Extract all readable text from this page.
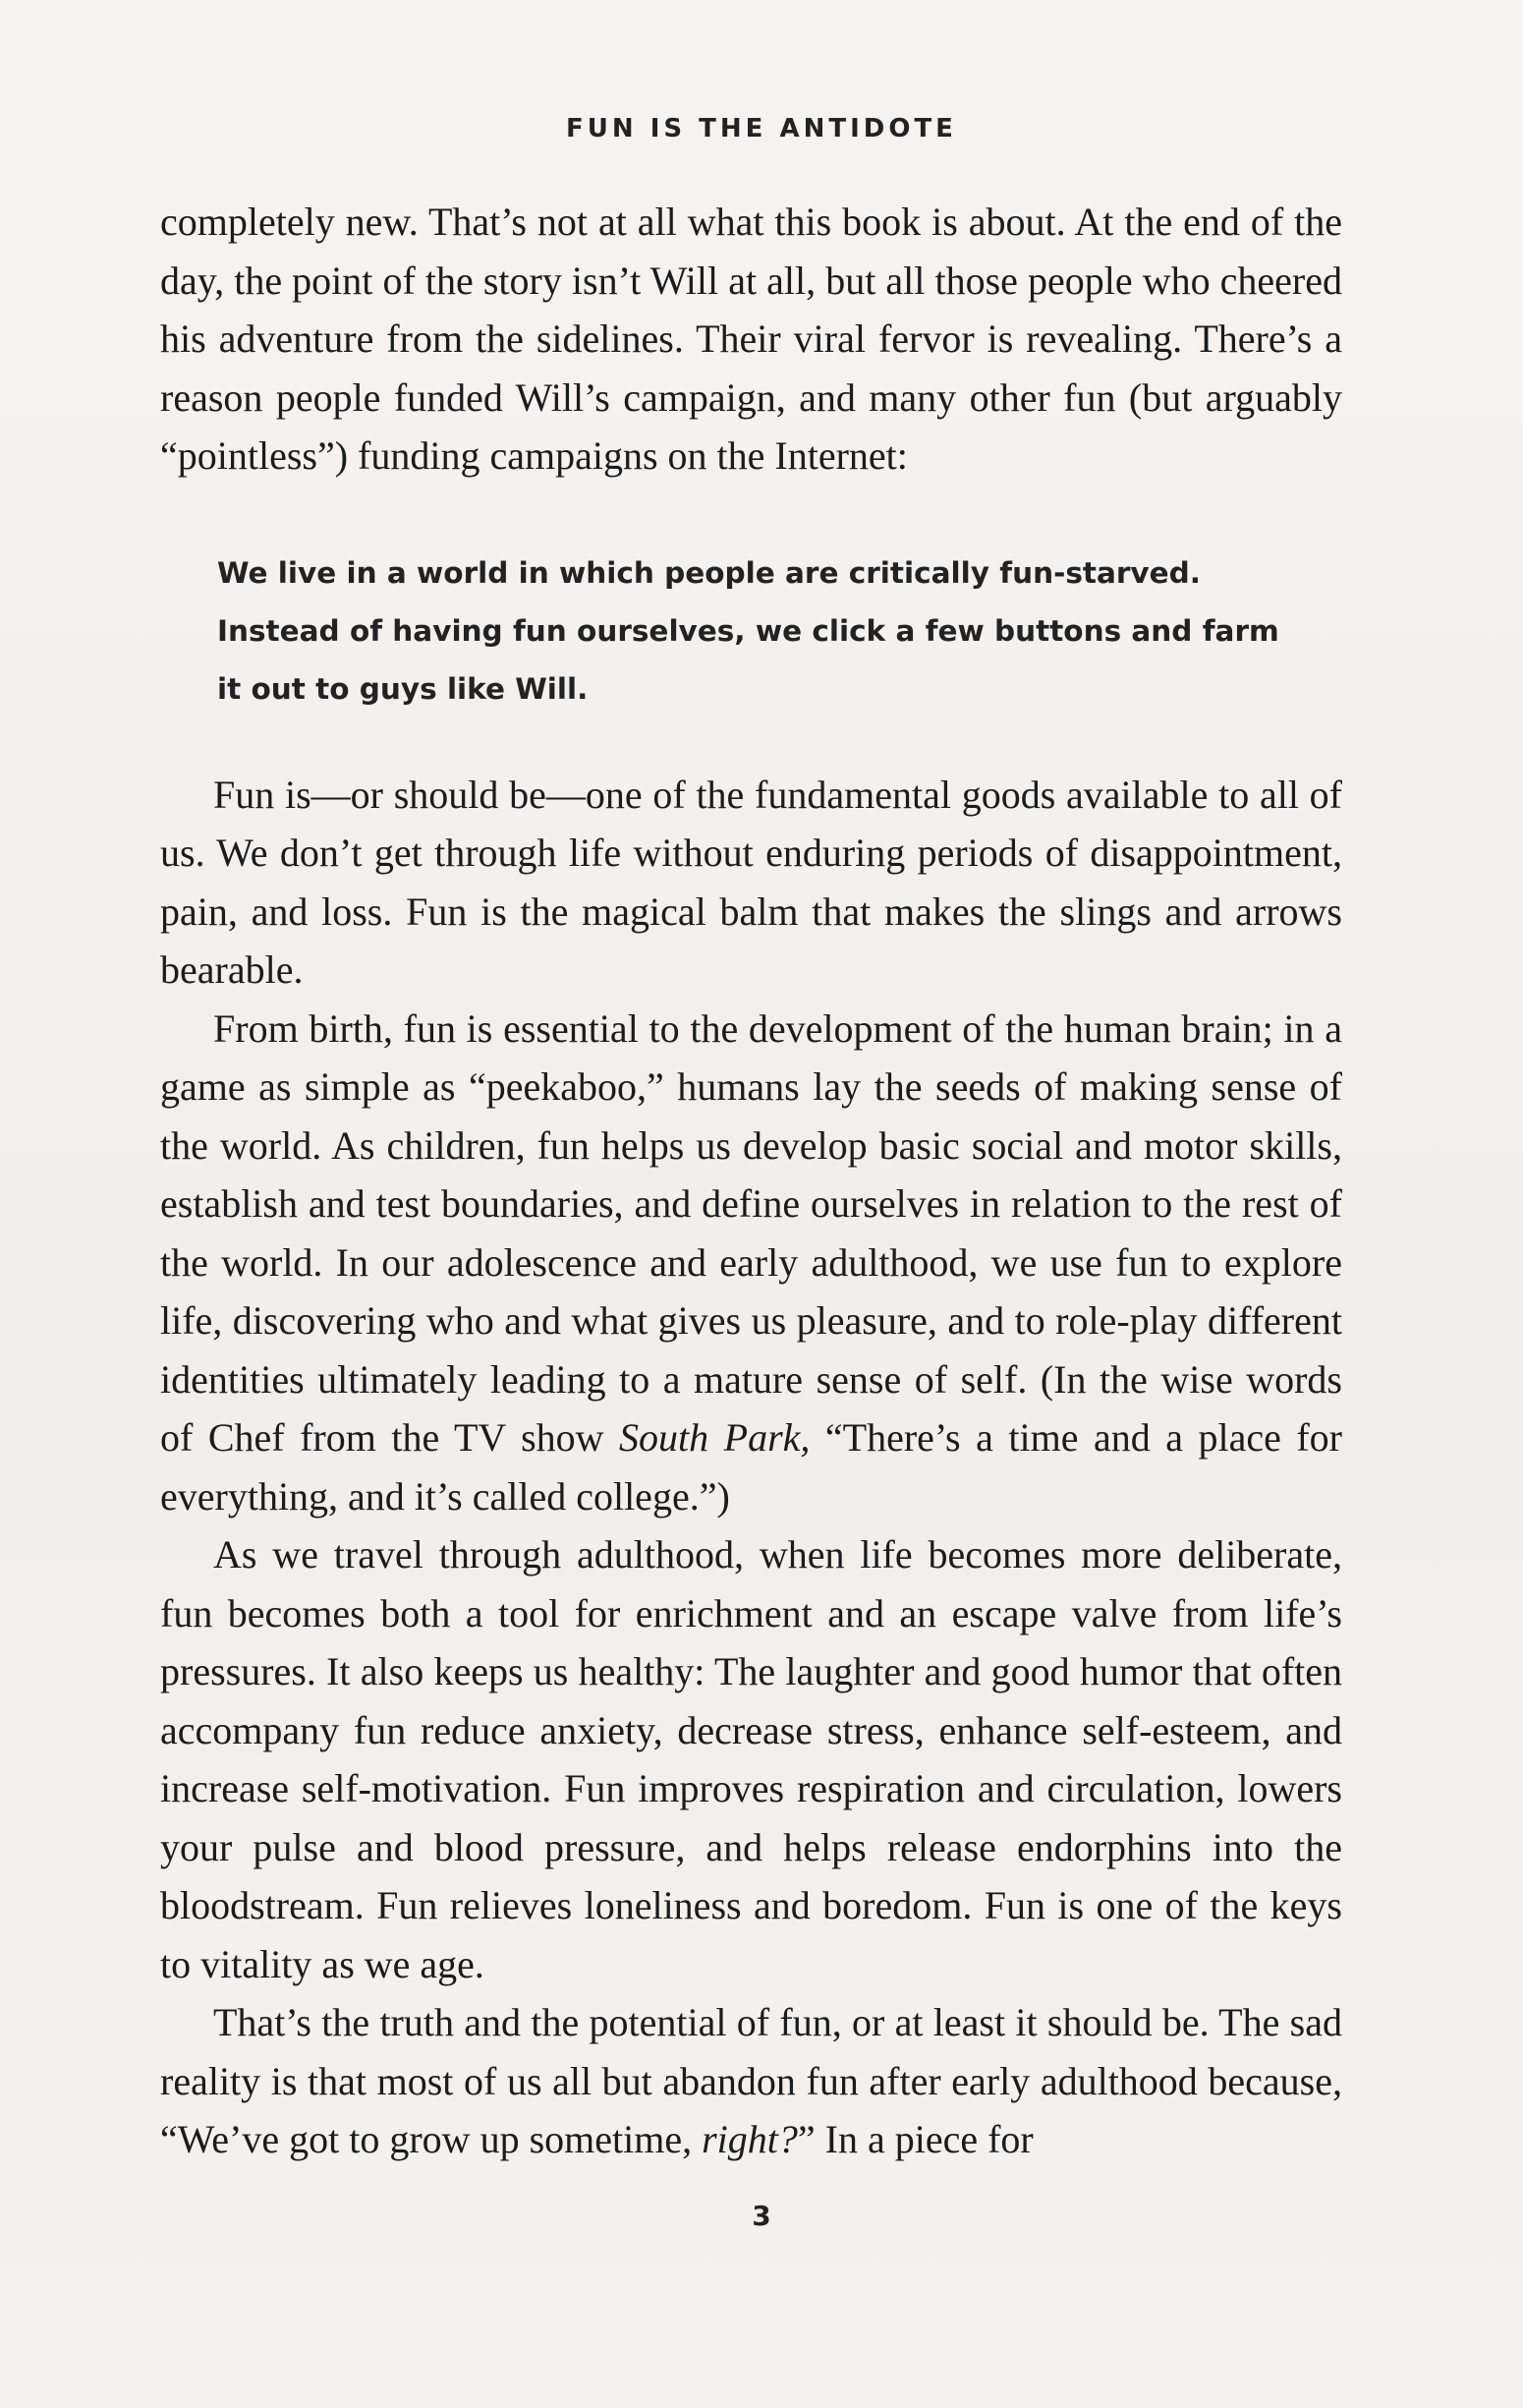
FUN IS THE ANTIDOTE

completely new. That’s not at all what this book is about. At the end of the day, the point of the story isn’t Will at all, but all those people who cheered his adventure from the sidelines. Their viral fervor is revealing. There’s a reason people funded Will’s campaign, and many other fun (but arguably “pointless”) funding campaigns on the Internet:

We live in a world in which people are critically fun-starved. Instead of having fun ourselves, we click a few buttons and farm it out to guys like Will.

Fun is—or should be—one of the fundamental goods available to all of us. We don’t get through life without enduring periods of disappointment, pain, and loss. Fun is the magical balm that makes the slings and arrows bearable.

From birth, fun is essential to the development of the human brain; in a game as simple as “peekaboo,” humans lay the seeds of making sense of the world. As children, fun helps us develop basic social and motor skills, establish and test boundaries, and define ourselves in relation to the rest of the world. In our adolescence and early adulthood, we use fun to explore life, discovering who and what gives us pleasure, and to role-play different identities ultimately leading to a mature sense of self. (In the wise words of Chef from the TV show South Park, “There’s a time and a place for everything, and it’s called college.”)

As we travel through adulthood, when life becomes more deliberate, fun becomes both a tool for enrichment and an escape valve from life’s pressures. It also keeps us healthy: The laughter and good humor that often accompany fun reduce anxiety, decrease stress, enhance self-esteem, and increase self-motivation. Fun improves respiration and circulation, lowers your pulse and blood pressure, and helps release endorphins into the bloodstream. Fun relieves loneliness and boredom. Fun is one of the keys to vitality as we age.

That’s the truth and the potential of fun, or at least it should be. The sad reality is that most of us all but abandon fun after early adulthood because, “We’ve got to grow up sometime, right?” In a piece for

3
